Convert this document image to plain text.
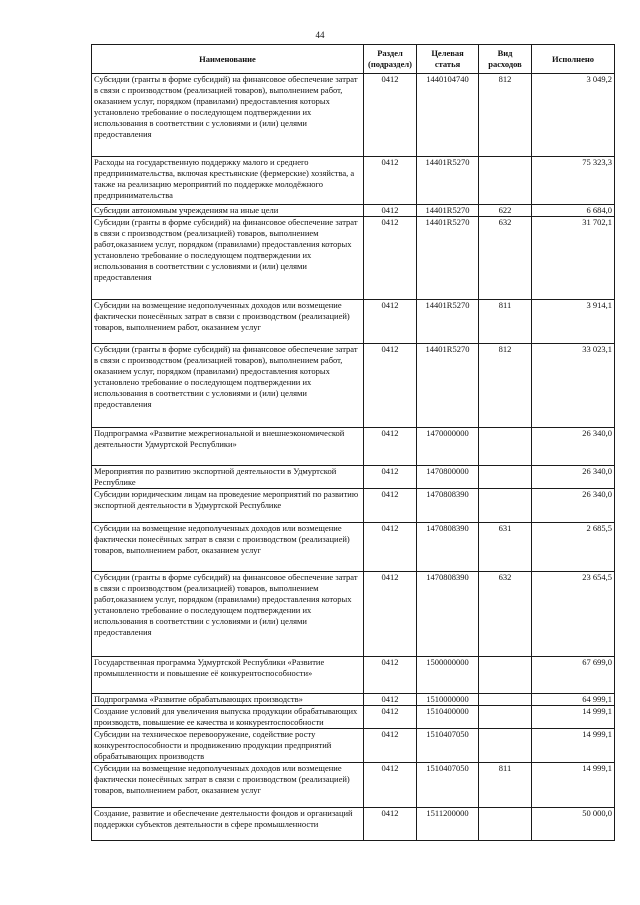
44
Наименование	Раздел (подраздел)	Целевая статья	Вид расходов	Исполнено
Субсидии (гранты в форме субсидий) на финансовое обеспечение затрат в связи с производством (реализацией товаров), выполнением работ, оказанием услуг, порядком (правилами) предоставления которых установлено требование о последующем подтверждении их использования в соответствии с условиями и (или) целями предоставления	0412	1440104740	812	3 049,2
Расходы на государственную поддержку малого и среднего предпринимательства, включая крестьянские (фермерские) хозяйства, а также на реализацию мероприятий по поддержке молодёжного предпринимательства	0412	14401R5270		75 323,3
Субсидии автономным учреждениям на иные цели	0412	14401R5270	622	6 684,0
Субсидии (гранты в форме субсидий) на финансовое обеспечение затрат в связи с производством (реализацией) товаров, выполнением работ,оказанием услуг, порядком (правилами) предоставления которых установлено требование о последующем подтверждении их использования в соответствии с условиями и (или) целями предоставления	0412	14401R5270	632	31 702,1
Субсидии на возмещение недополученных доходов или возмещение фактически понесённых затрат в связи с производством (реализацией) товаров, выполнением работ, оказанием услуг	0412	14401R5270	811	3 914,1
Субсидии (гранты в форме субсидий) на финансовое обеспечение затрат в связи с производством (реализацией товаров), выполнением работ, оказанием услуг, порядком (правилами) предоставления которых установлено требование о последующем подтверждении их использования в соответствии с условиями и (или) целями предоставления	0412	14401R5270	812	33 023,1
Подпрограмма «Развитие межрегиональной и внешнеэкономической деятельности Удмуртской Республики»	0412	1470000000		26 340,0
Мероприятия по развитию экспортной деятельности в Удмуртской Республике	0412	1470800000		26 340,0
Субсидии юридическим лицам на проведение мероприятий по развитию экспортной деятельности в Удмуртской Республике	0412	1470808390		26 340,0
Субсидии на возмещение недополученных доходов или возмещение фактически понесённых затрат в связи с производством (реализацией) товаров, выполнением работ, оказанием услуг	0412	1470808390	631	2 685,5
Субсидии (гранты в форме субсидий) на финансовое обеспечение затрат в связи с производством (реализацией) товаров, выполнением работ,оказанием услуг, порядком (правилами) предоставления которых установлено требование о последующем подтверждении их использования в соответствии с условиями и (или) целями предоставления	0412	1470808390	632	23 654,5
Государственная программа Удмуртской Республики «Развитие промышленности и повышение её конкурентоспособности»	0412	1500000000		67 699,0
Подпрограмма «Развитие обрабатывающих производств»	0412	1510000000		64 999,1
Создание условий для увеличения выпуска продукции обрабатывающих производств, повышение ее качества и конкурентоспособности	0412	1510400000		14 999,1
Субсидии на техническое перевооружение, содействие росту конкурентоспособности и продвижению продукции предприятий обрабатывающих производств	0412	1510407050		14 999,1
Субсидии на возмещение недополученных доходов или возмещение фактически понесённых затрат в связи с производством (реализацией) товаров, выполнением работ, оказанием услуг	0412	1510407050	811	14 999,1
Создание, развитие и обеспечение деятельности фондов и организаций поддержки субъектов деятельности в сфере промышленности	0412	1511200000		50 000,0
